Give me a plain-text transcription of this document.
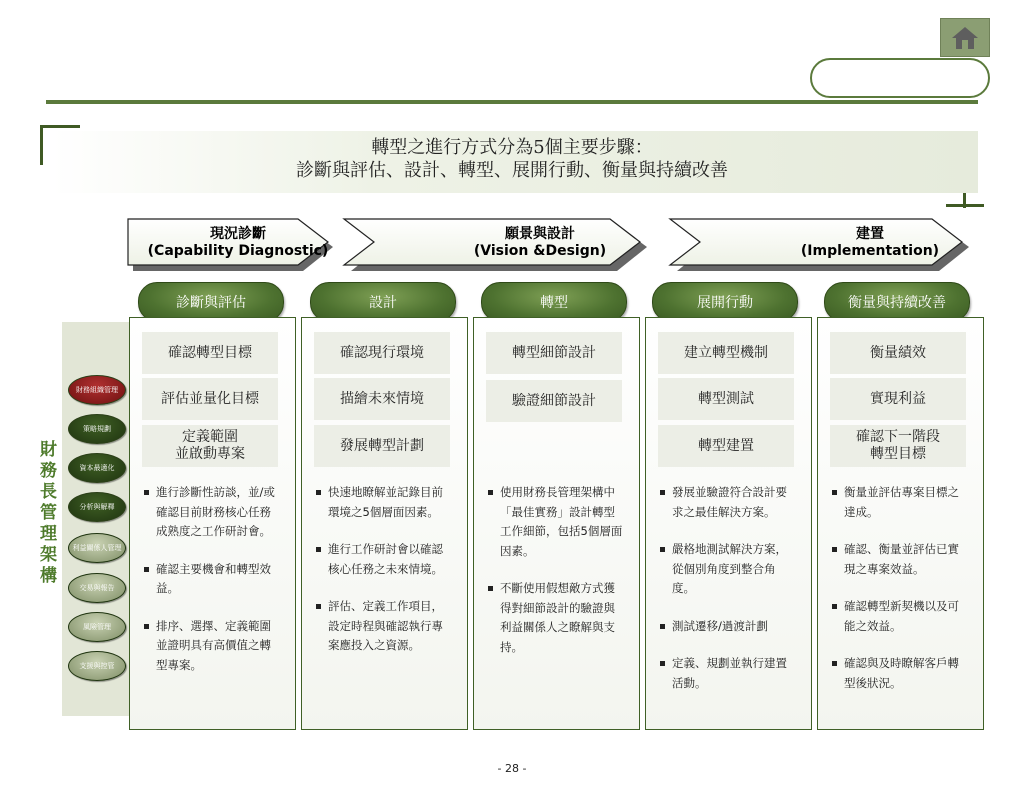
轉型之進行方式分為5個主要步驟：
診斷與評估、設計、轉型、展開行動、衡量與持續改善
現況診斷
(Capability Diagnostic)
願景與設計
(Vision &Design)
建置
(Implementation)
診斷與評估	設計	轉型	展開行動	衡量與持續改善
財務長管理架構
財務組織管理
策略規劃
資本最適化
分析與解釋
利益關係人管理
交易與報告
風險管理
支援與控管
確認轉型目標
評估並量化目標
定義範圍
並啟動專案
進行診斷性訪談，並/或確認目前財務核心任務成熟度之工作研討會。
確認主要機會和轉型效益。
排序、選擇、定義範圍並證明具有高價值之轉型專案。
確認現行環境
描繪未來情境
發展轉型計劃
快速地瞭解並記錄目前環境之5個層面因素。
進行工作研討會以確認核心任務之未來情境。
評估、定義工作項目，設定時程與確認執行專案應投入之資源。
轉型細節設計
驗證細節設計
使用財務長管理架構中「最佳實務」設計轉型工作細節，包括5個層面因素。
不斷使用假想敵方式獲得對細節設計的驗證與利益關係人之瞭解與支持。
建立轉型機制
轉型測試
轉型建置
發展並驗證符合設計要求之最佳解決方案。
嚴格地測試解決方案，從個別角度到整合角度。
測試遷移/過渡計劃
定義、規劃並執行建置活動。
衡量績效
實現利益
確認下一階段
轉型目標
衡量並評估專案目標之達成。
確認、衡量並評估已實現之專案效益。
確認轉型新契機以及可能之效益。
確認與及時瞭解客戶轉型後狀況。
- 28 -
